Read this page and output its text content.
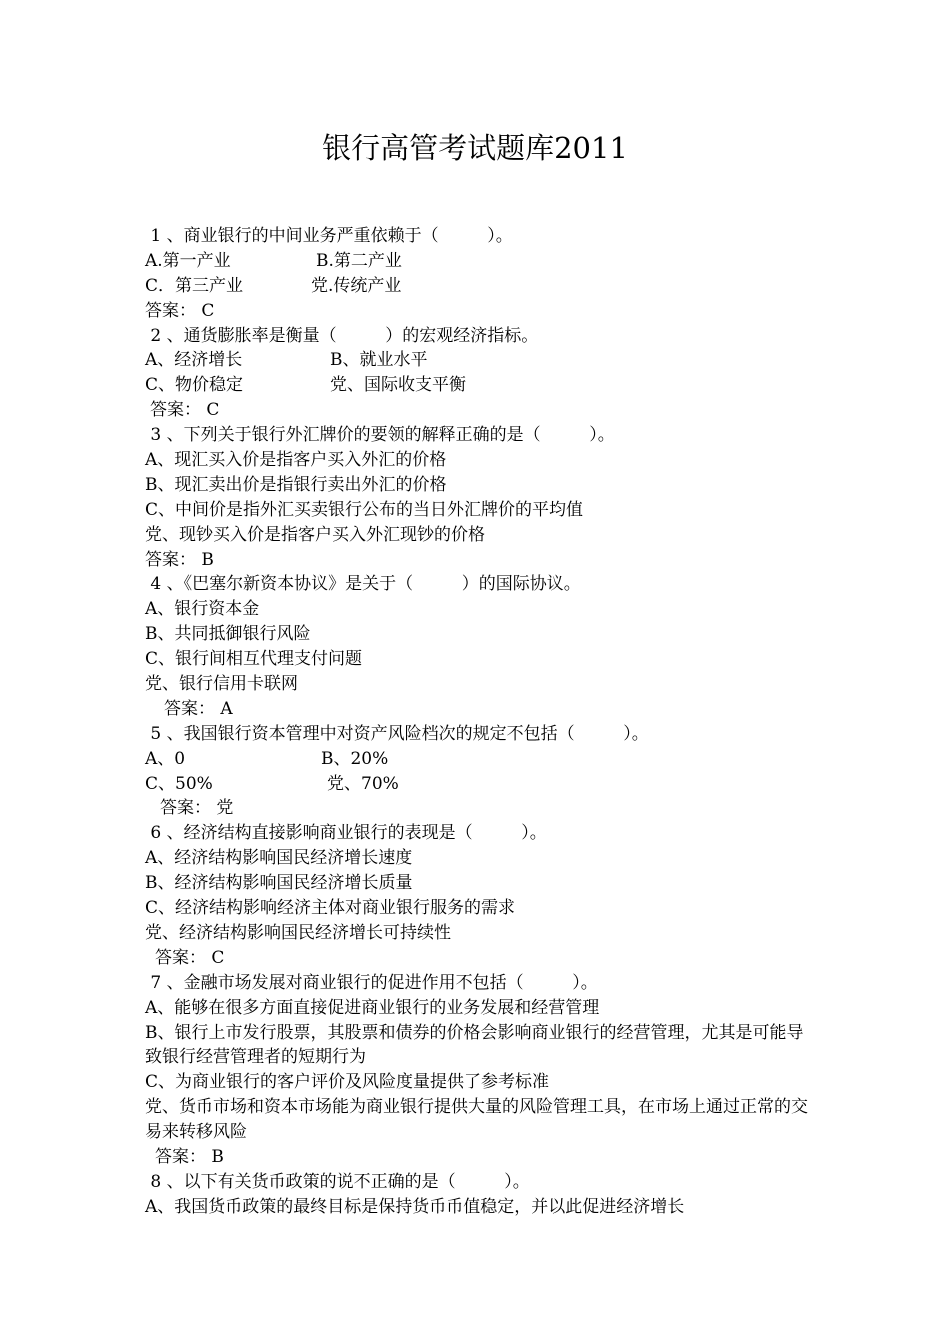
银行高管考试题库2011
1 、商业银行的中间业务严重依赖于（         ）。
A.第一产业	B.第二产业
C．第三产业	党.传统产业
答案： C
2 、通货膨胀率是衡量（         ）的宏观经济指标。
A、经济增长	B、就业水平
C、物价稳定	党、国际收支平衡
答案： C
3 、下列关于银行外汇牌价的要领的解释正确的是（         ）。
A、现汇买入价是指客户买入外汇的价格
B、现汇卖出价是指银行卖出外汇的价格
C、中间价是指外汇买卖银行公布的当日外汇牌价的平均值
党、现钞买入价是指客户买入外汇现钞的价格
答案： B
4 、《巴塞尔新资本协议》是关于（         ）的国际协议。
A、银行资本金
B、共同抵御银行风险
C、银行间相互代理支付问题
党、银行信用卡联网
答案： A
5 、我国银行资本管理中对资产风险档次的规定不包括（         ）。
A、0	B、20%
C、50%	党、70%
答案： 党
6 、经济结构直接影响商业银行的表现是（         ）。
A、经济结构影响国民经济增长速度
B、经济结构影响国民经济增长质量
C、经济结构影响经济主体对商业银行服务的需求
党、经济结构影响国民经济增长可持续性
答案： C
7 、金融市场发展对商业银行的促进作用不包括（         ）。
A、能够在很多方面直接促进商业银行的业务发展和经营管理
B、银行上市发行股票，其股票和债券的价格会影响商业银行的经营管理，尤其是可能导致银行经营管理者的短期行为
C、为商业银行的客户评价及风险度量提供了参考标准
党、货币市场和资本市场能为商业银行提供大量的风险管理工具，在市场上通过正常的交易来转移风险
答案： B
8 、以下有关货币政策的说不正确的是（         ）。
A、我国货币政策的最终目标是保持货币币值稳定，并以此促进经济增长
